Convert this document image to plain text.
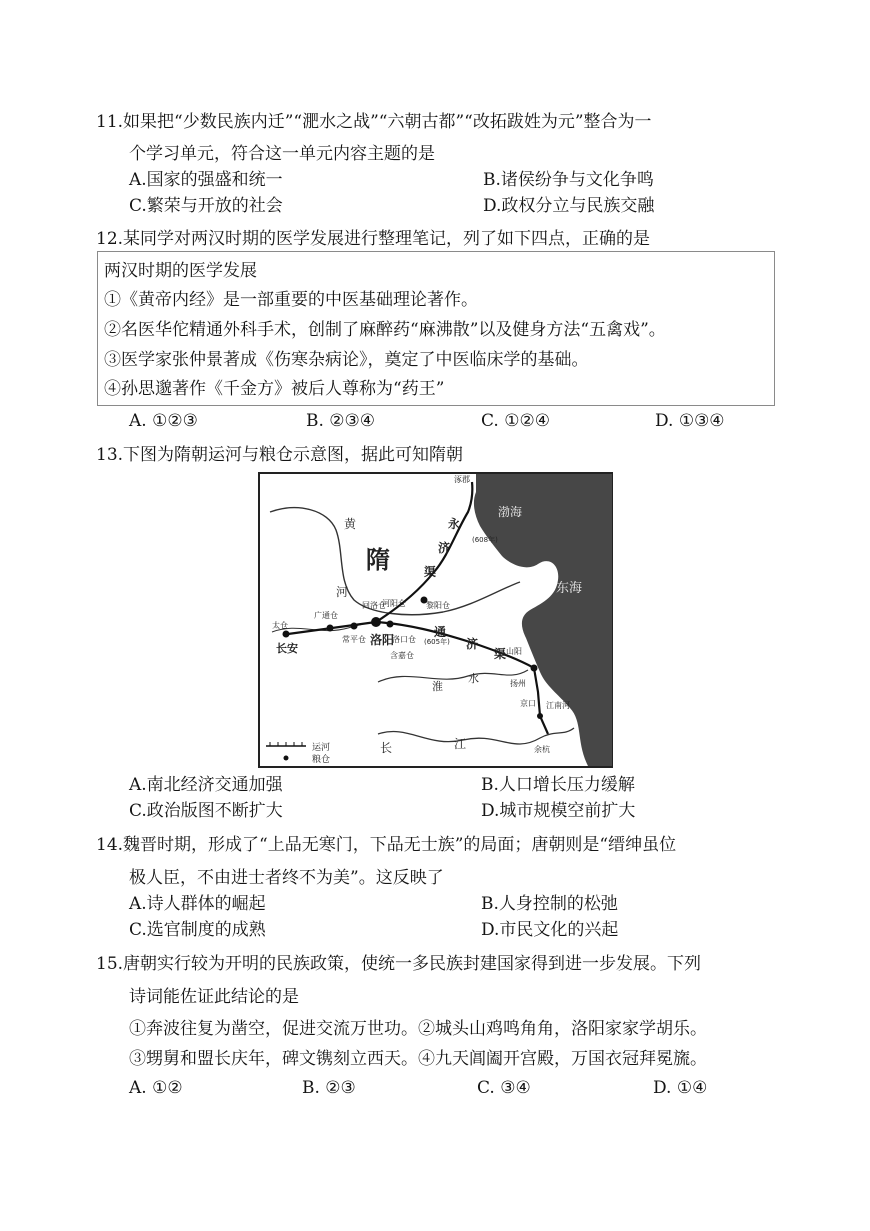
11.如果把“少数民族内迁”“淝水之战”“六朝古都”“改拓跋姓为元”整合为一
个学习单元，符合这一单元内容主题的是
A.国家的强盛和统一	B.诸侯纷争与文化争鸣
C.繁荣与开放的社会	D.政权分立与民族交融
12.某同学对两汉时期的医学发展进行整理笔记，列了如下四点，正确的是
两汉时期的医学发展
①《黄帝内经》是一部重要的中医基础理论著作。
②名医华佗精通外科手术，创制了麻醉药“麻沸散”以及健身方法“五禽戏”。
③医学家张仲景著成《伤寒杂病论》，奠定了中医临床学的基础。
④孙思邈著作《千金方》被后人尊称为“药王”
A. ①②③	B. ②③④	C. ①②④	D. ①③④
13.下图为隋朝运河与粮仓示意图，据此可知隋朝
隋
渤海
东海
黄
河
长	江
淮
水
永
济
渠
通
济
渠
江南河
长安
洛阳
太仓
广通仓
常平仓
河阳仓
回洛仓
洛口仓
黎阳仓
含嘉仓	山阳
涿郡
京口
余杭
扬州
(605年)
(608年)
运河
粮仓
A.南北经济交通加强	B.人口增长压力缓解
C.政治版图不断扩大	D.城市规模空前扩大
14.魏晋时期，形成了“上品无寒门，下品无士族”的局面；唐朝则是“缙绅虽位
极人臣，不由进士者终不为美”。这反映了
A.诗人群体的崛起	B.人身控制的松弛
C.选官制度的成熟	D.市民文化的兴起
15.唐朝实行较为开明的民族政策，使统一多民族封建国家得到进一步发展。下列
诗词能佐证此结论的是
①奔波往复为凿空，促进交流万世功。②城头山鸡鸣角角，洛阳家家学胡乐。
③甥舅和盟长庆年，碑文镌刻立西天。④九天阊阖开宫殿，万国衣冠拜冕旒。
A. ①②	B. ②③	C. ③④	D. ①④
